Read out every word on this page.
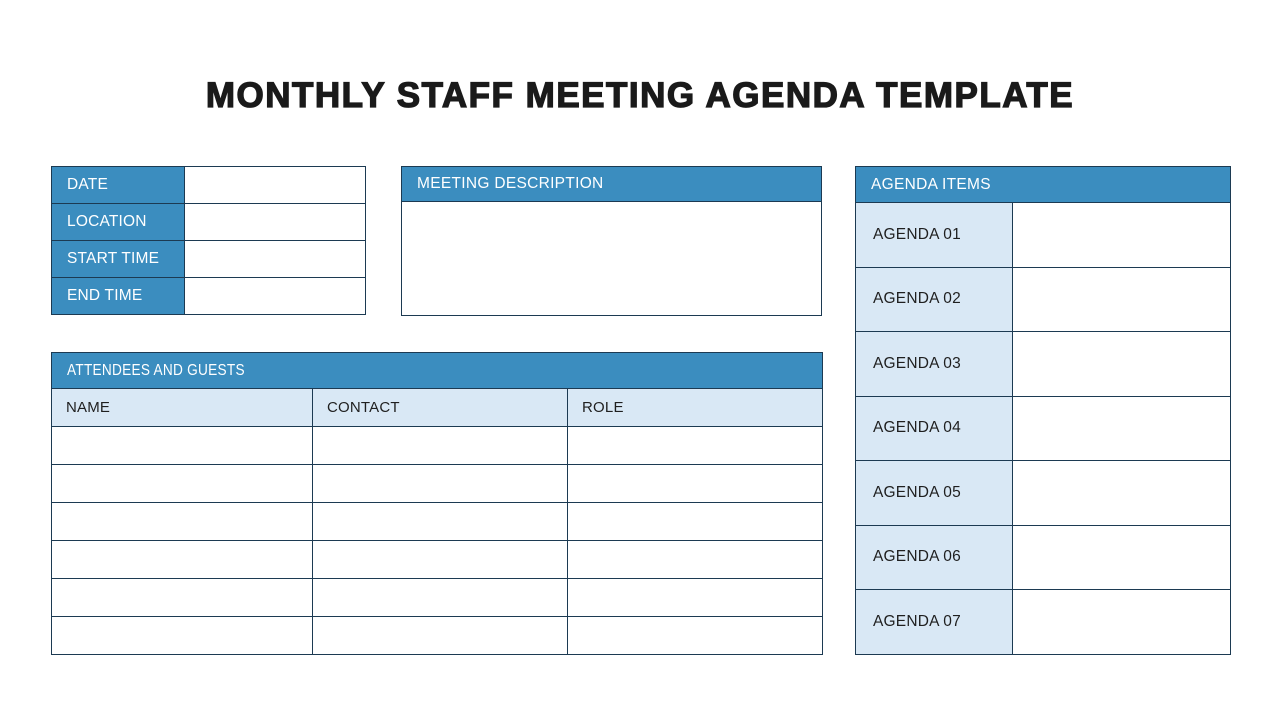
MONTHLY STAFF MEETING AGENDA TEMPLATE
DATE	
LOCATION	
START TIME	
END TIME	
MEETING DESCRIPTION	AGENDA ITEMS	
AGENDA 01	
AGENDA 02	
AGENDA 03	
AGENDA 04	
AGENDA 05	
AGENDA 06	
AGENDA 07	
ATTENDEES AND GUESTS		
NAME	CONTACT	ROLE
